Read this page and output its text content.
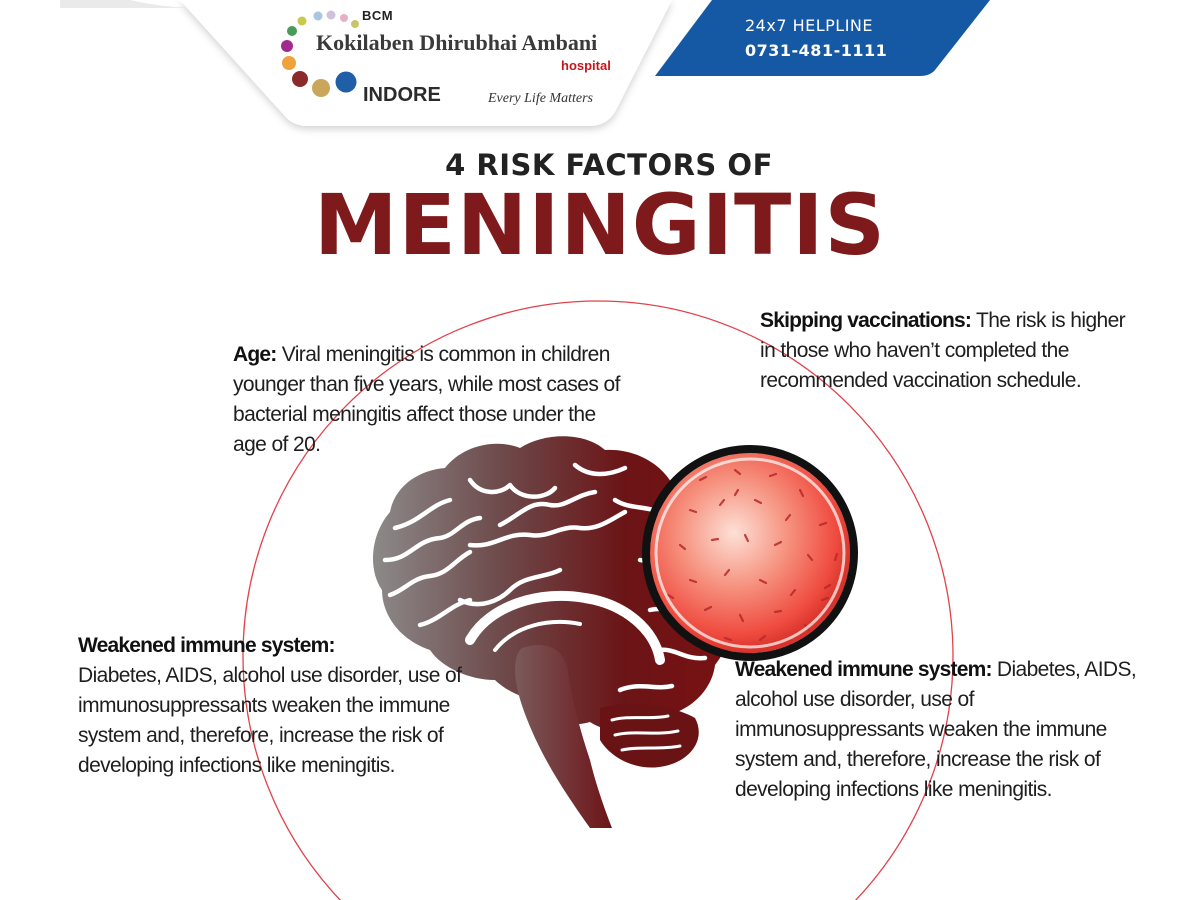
BCM
Kokilaben Dhirubhai Ambani
hospital
INDORE	Every Life Matters
24x7 HELPLINE
0731-481-1111
4 RISK FACTORS OF
MENINGITIS
Age: Viral meningitis is common in children younger than five years, while most cases of bacterial meningitis affect those under the age of 20.
Skipping vaccinations: The risk is higher in those who haven’t completed the recommended vaccination schedule.
Weakened immune system:
Diabetes, AIDS, alcohol use disorder, use of immunosuppressants weaken the immune system and, therefore, increase the risk of developing infections like meningitis.
Weakened immune system: Diabetes, AIDS, alcohol use disorder, use of immunosuppressants weaken the immune system and, therefore, increase the risk of developing infections like meningitis.
